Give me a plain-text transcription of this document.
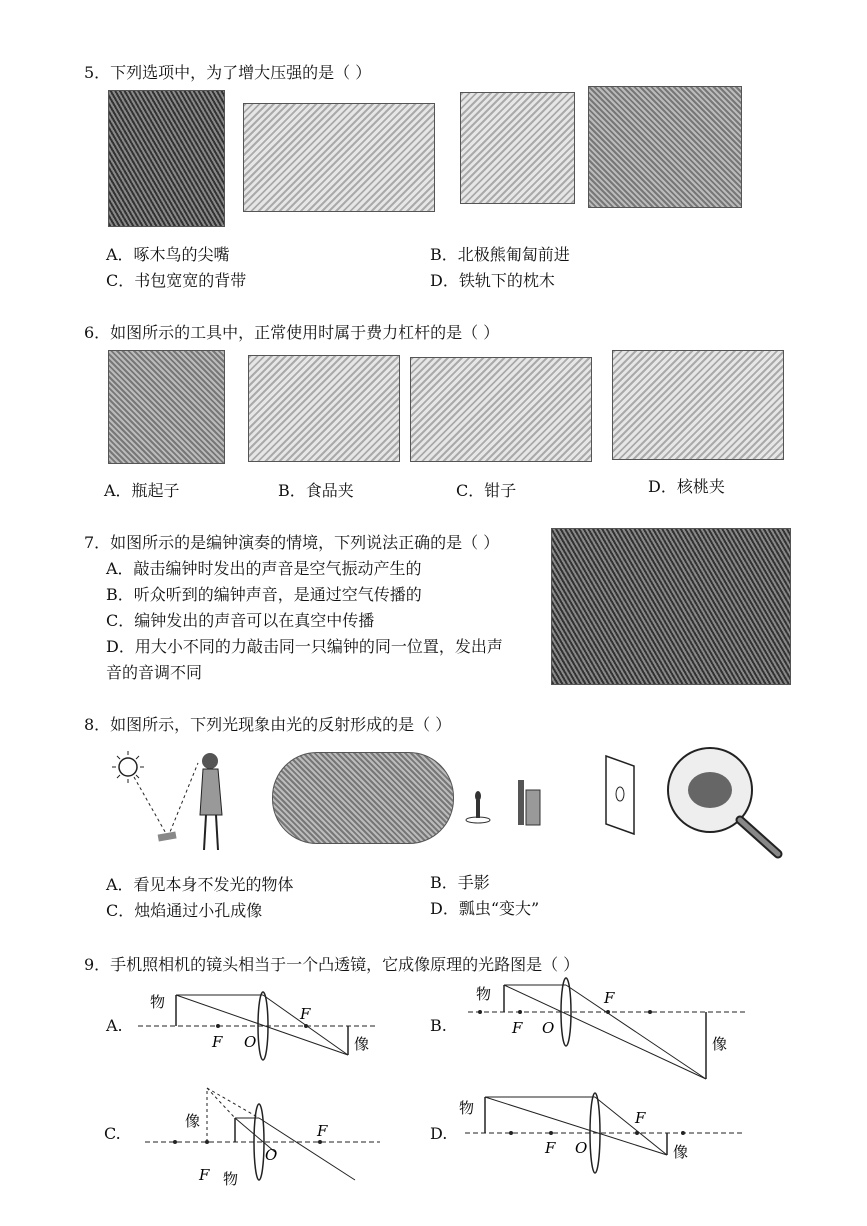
5．下列选项中，为了增大压强的是（ ）
A．啄木鸟的尖嘴	B．北极熊匍匐前进
C．书包宽宽的背带	D．铁轨下的枕木
6．如图所示的工具中，正常使用时属于费力杠杆的是（ ）
A．瓶起子	B．食品夹	C．钳子	D．核桃夹
7．如图所示的是编钟演奏的情境，下列说法正确的是（ ）
A．敲击编钟时发出的声音是空气振动产生的
B．听众听到的编钟声音，是通过空气传播的
C．编钟发出的声音可以在真空中传播
D．用大小不同的力敲击同一只编钟的同一位置，发出声
音的音调不同
8．如图所示，下列光现象由光的反射形成的是（ ）
A．看见本身不发光的物体	B．手影
C．烛焰通过小孔成像	D．瓢虫“变大”
9．手机照相机的镜头相当于一个凸透镜，它成像原理的光路图是（ ）
A.
物
像
F
F
O
B.
物
像
F
F
O
C.
像
物
F
F
O
D.
物
像
F
F
O
